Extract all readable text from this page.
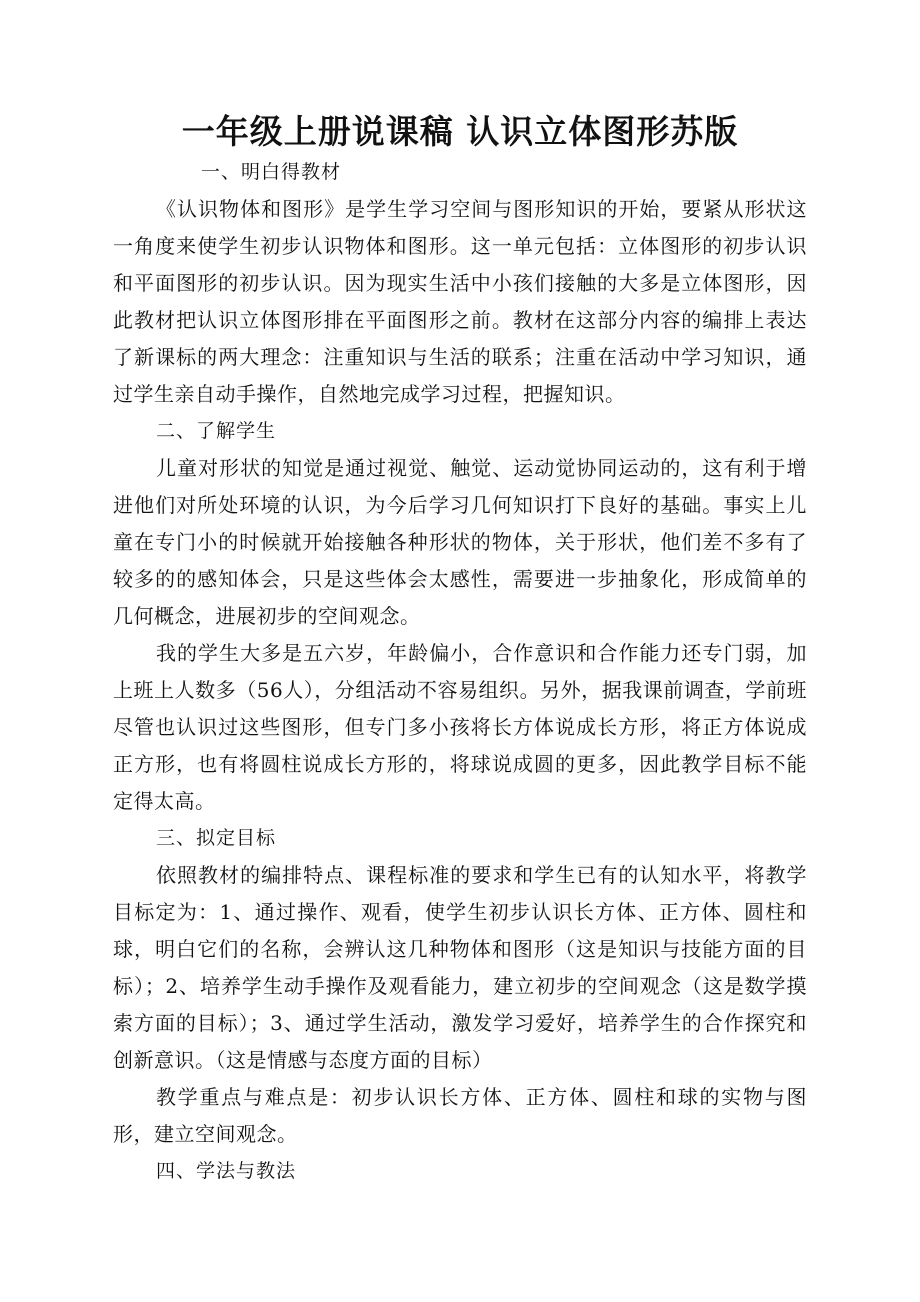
一年级上册说课稿 认识立体图形苏版

一、明白得教材

《认识物体和图形》是学生学习空间与图形知识的开始，要紧从形状这一角度来使学生初步认识物体和图形。这一单元包括：立体图形的初步认识和平面图形的初步认识。因为现实生活中小孩们接触的大多是立体图形，因此教材把认识立体图形排在平面图形之前。教材在这部分内容的编排上表达了新课标的两大理念：注重知识与生活的联系；注重在活动中学习知识，通过学生亲自动手操作，自然地完成学习过程，把握知识。

二、了解学生

儿童对形状的知觉是通过视觉、触觉、运动觉协同运动的，这有利于增进他们对所处环境的认识，为今后学习几何知识打下良好的基础。事实上儿童在专门小的时候就开始接触各种形状的物体，关于形状，他们差不多有了较多的的感知体会，只是这些体会太感性，需要进一步抽象化，形成简单的几何概念，进展初步的空间观念。

我的学生大多是五六岁，年龄偏小，合作意识和合作能力还专门弱，加上班上人数多（56人），分组活动不容易组织。另外，据我课前调查，学前班尽管也认识过这些图形，但专门多小孩将长方体说成长方形，将正方体说成正方形，也有将圆柱说成长方形的，将球说成圆的更多，因此教学目标不能定得太高。

三、拟定目标

依照教材的编排特点、课程标准的要求和学生已有的认知水平，将教学目标定为：1、通过操作、观看，使学生初步认识长方体、正方体、圆柱和球，明白它们的名称，会辨认这几种物体和图形（这是知识与技能方面的目标）；2、培养学生动手操作及观看能力，建立初步的空间观念（这是数学摸索方面的目标）；3、通过学生活动，激发学习爱好，培养学生的合作探究和创新意识。（这是情感与态度方面的目标）

教学重点与难点是：初步认识长方体、正方体、圆柱和球的实物与图形，建立空间观念。

四、学法与教法
